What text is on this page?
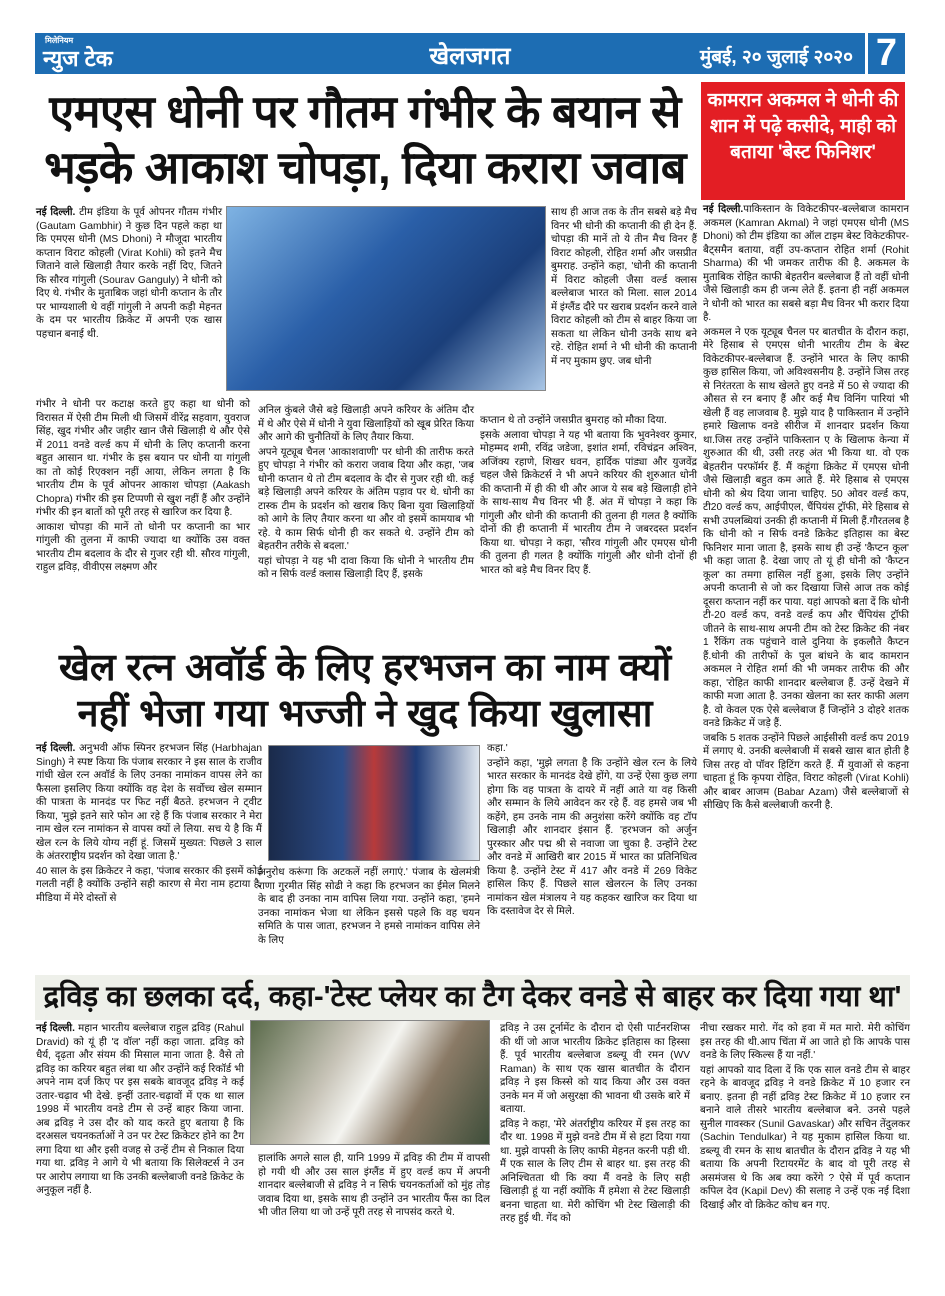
मिलेनियम
न्युज टेक	खेलजगत	मुंबई, २० जुलाई २०२० 7
एमएस धोनी पर गौतम गंभीर के बयान से
भड़के आकाश चोपड़ा, दिया करारा जवाब
कामरान अकमल ने धोनी की शान में पढ़े कसीदे, माही को बताया 'बेस्ट फिनिशर'

नई दिल्ली. टीम इंडिया के पूर्व ओपनर गौतम गंभीर (Gautam Gambhir) ने कुछ दिन पहले कहा था कि एमएस धोनी (MS Dhoni) ने मौजूदा भारतीय कप्तान विराट कोहली (Virat Kohli) को इतने मैच जिताने वाले खिलाड़ी तैयार करके नहीं दिए, जितने कि सौरव गांगुली (Sourav Ganguly) ने धोनी को दिए थे. गंभीर के मुताबिक जहां धोनी कप्तान के तौर पर भाग्यशाली थे वहीं गांगुली ने अपनी कड़ी मेहनत के दम पर भारतीय क्रिकेट में अपनी एक खास पहचान बनाई थी.

गंभीर ने धोनी पर कटाक्ष करते हुए कहा था धोनी को विरासत में ऐसी टीम मिली थी जिसमें वीरेंद्र सहवाग, युवराज सिंह, खुद गंभीर और जहीर खान जैसे खिलाड़ी थे और ऐसे में 2011 वनडे वर्ल्ड कप में धोनी के लिए कप्तानी करना बहुत आसान था. गंभीर के इस बयान पर धोनी या गांगुली का तो कोई रिएक्शन नहीं आया, लेकिन लगता है कि भारतीय टीम के पूर्व ओपनर आकाश चोपड़ा (Aakash Chopra) गंभीर की इस टिप्पणी से खुश नहीं हैं और उन्होंने गंभीर की इन बातों को पूरी तरह से खारिज कर दिया है.

आकाश चोपड़ा की मानें तो धोनी पर कप्तानी का भार गांगुली की तुलना में काफी ज्यादा था क्योंकि उस वक्त भारतीय टीम बदलाव के दौर से गुजर रही थी. सौरव गांगुली, राहुल द्रविड़, वीवीएस लक्ष्मण और

अनिल कुंबले जैसे बड़े खिलाड़ी अपने करियर के अंतिम दौर में थे और ऐसे में धोनी ने युवा खिलाड़ियों को खूब प्रेरित किया और आगे की चुनौतियों के लिए तैयार किया.

अपने यूट्यूब चैनल 'आकाशवाणी' पर धोनी की तारीफ करते हुए चोपड़ा ने गंभीर को करारा जवाब दिया और कहा, 'जब धोनी कप्तान थे तो टीम बदलाव के दौर से गुजर रही थी. कई बड़े खिलाड़ी अपने करियर के अंतिम पड़ाव पर थे. धोनी का टास्क टीम के प्रदर्शन को खराब किए बिना युवा खिलाड़ियों को आगे के लिए तैयार करना था और वो इसमें कामयाब भी रहे. ये काम सिर्फ धोनी ही कर सकते थे. उन्होंने टीम को बेहतरीन तरीके से बदला.'

यहां चोपड़ा ने यह भी दावा किया कि धोनी ने भारतीय टीम को न सिर्फ वर्ल्ड क्लास खिलाड़ी दिए हैं, इसके

साथ ही आज तक के तीन सबसे बड़े मैच विनर भी धोनी की कप्तानी की ही देन हैं. चोपड़ा की मानें तो ये तीन मैच विनर हैं विराट कोहली, रोहित शर्मा और जसप्रीत बुमराह. उन्होंने कहा, 'धोनी की कप्तानी में विराट कोहली जैसा वर्ल्ड क्लास बल्लेबाज भारत को मिला. साल 2014 में इंग्लैंड दौरे पर खराब प्रदर्शन करने वाले विराट कोहली को टीम से बाहर किया जा सकता था लेकिन धोनी उनके साथ बने रहे. रोहित शर्मा ने भी धोनी की कप्तानी में नए मुकाम छुए. जब धोनी

कप्तान थे तो उन्होंने जसप्रीत बुमराह को मौका दिया.

इसके अलावा चोपड़ा ने यह भी बताया कि भुवनेश्वर कुमार, मोहम्मद शमी, रविंद्र जडेजा, इशांत शर्मा, रविचंद्रन अश्विन, अजिंक्य रहाणे, शिखर धवन, हार्दिक पांड्या और युजवेंद्र चहल जैसे क्रिकेटर्स ने भी अपने करियर की शुरुआत धोनी की कप्तानी में ही की थी और आज ये सब बड़े खिलाड़ी होने के साथ-साथ मैच विनर भी हैं. अंत में चोपड़ा ने कहा कि गांगुली और धोनी की कप्तानी की तुलना ही गलत है क्योंकि दोनों की ही कप्तानी में भारतीय टीम ने जबरदस्त प्रदर्शन किया था. चोपड़ा ने कहा, 'सौरव गांगुली और एमएस धोनी की तुलना ही गलत है क्योंकि गांगुली और धोनी दोनों ही भारत को बड़े मैच विनर दिए हैं.

नई दिल्ली.पाकिस्तान के विकेटकीपर-बल्लेबाज कामरान अकमल (Kamran Akmal) ने जहां एमएस धोनी (MS Dhoni) को टीम इंडिया का ऑल टाइम बेस्ट विकेटकीपर-बैट्समैन बताया, वहीं उप-कप्तान रोहित शर्मा (Rohit Sharma) की भी जमकर तारीफ की है. अकमल के मुताबिक रोहित काफी बेहतरीन बल्लेबाज हैं तो वहीं धोनी जैसे खिलाड़ी कम ही जन्म लेते हैं. इतना ही नहीं अकमल ने धोनी को भारत का सबसे बड़ा मैच विनर भी करार दिया है.

अकमल ने एक यूट्यूब चैनल पर बातचीत के दौरान कहा, मेरे हिसाब से एमएस धोनी भारतीय टीम के बेस्ट विकेटकीपर-बल्लेबाज हैं. उन्होंने भारत के लिए काफी कुछ हासिल किया, जो अविश्वसनीय है. उन्होंने जिस तरह से निरंतरता के साथ खेलते हुए वनडे में 50 से ज्यादा की औसत से रन बनाए हैं और कई मैच विनिंग पारियां भी खेली हैं वह लाजवाब है. मुझे याद है पाकिस्तान में उन्होंने हमारे खिलाफ वनडे सीरीज में शानदार प्रदर्शन किया था.जिस तरह उन्होंने पाकिस्तान ए के खिलाफ केन्या में शुरुआत की थी, उसी तरह अंत भी किया था. वो एक बेहतरीन परफॉर्मर हैं. मैं कहूंगा क्रिकेट में एमएस धोनी जैसे खिलाड़ी बहुत कम आते हैं. मेरे हिसाब से एमएस धोनी को श्रेय दिया जाना चाहिए. 50 ओवर वर्ल्ड कप, टी20 वर्ल्ड कप, आईपीएल, चैंपियंस ट्रॉफी, मेरे हिसाब से सभी उपलब्धियां उनकी ही कप्तानी में मिली हैं.गौरतलब है कि धोनी को न सिर्फ वनडे क्रिकेट इतिहास का बेस्ट फिनिशर माना जाता है, इसके साथ ही उन्हें 'कैप्टन कूल' भी कहा जाता है. देखा जाए तो यूं ही धोनी को 'कैप्टन कूल' का तमगा हासिल नहीं हुआ, इसके लिए उन्होंने अपनी कप्तानी से जो कर दिखाया जिसे आज तक कोई दूसरा कप्तान नहीं कर पाया. यहां आपको बता दें कि धोनी टी-20 वर्ल्ड कप, वनडे वर्ल्ड कप और चैंपियंस ट्रॉफी जीतने के साथ-साथ अपनी टीम को टेस्ट क्रिकेट की नंबर 1 रैंकिंग तक पहुंचाने वाले दुनिया के इकलौते कैप्टन हैं.धोनी की तारीफों के पुल बांधने के बाद कामरान अकमल ने रोहित शर्मा की भी जमकर तारीफ की और कहा, 'रोहित काफी शानदार बल्लेबाज हैं. उन्हें देखने में काफी मजा आता है. उनका खेलना का स्तर काफी अलग है. वो केवल एक ऐसे बल्लेबाज हैं जिन्होंने 3 दोहरे शतक वनडे क्रिकेट में जड़े हैं.

जबकि 5 शतक उन्होंने पिछले आईसीसी वर्ल्ड कप 2019 में लगाए थे. उनकी बल्लेबाजी में सबसे खास बात होती है जिस तरह वो पॉवर हिटिंग करते हैं. मैं युवाओं से कहना चाहता हूं कि कृपया रोहित, विराट कोहली (Virat Kohli) और बाबर आजम (Babar Azam) जैसे बल्लेबाजों से सीखिए कि कैसे बल्लेबाजी करनी है.

खेल रत्न अवॉर्ड के लिए हरभजन का नाम क्यों
नहीं भेजा गया भज्जी ने खुद किया खुलासा

नई दिल्ली. अनुभवी ऑफ स्पिनर हरभजन सिंह (Harbhajan Singh) ने स्पष्ट किया कि पंजाब सरकार ने इस साल के राजीव गांधी खेल रत्न अवॉर्ड के लिए उनका नामांकन वापस लेने का फैसला इसलिए किया क्योंकि वह देश के सर्वोच्च खेल सम्मान की पात्रता के मानदंड पर फिट नहीं बैठते. हरभजन ने ट्वीट किया, 'मुझे इतने सारे फोन आ रहे हैं कि पंजाब सरकार ने मेरा नाम खेल रत्न नामांकन से वापस क्यों ले लिया. सच ये है कि मैं खेल रत्न के लिये योग्य नहीं हूं. जिसमें मुख्यत: पिछले 3 साल के अंतरराष्ट्रीय प्रदर्शन को देखा जाता है.'

40 साल के इस क्रिकेटर ने कहा, 'पंजाब सरकार की इसमें कोई गलती नहीं है क्योंकि उन्होंने सही कारण से मेरा नाम हटाया है. मीडिया में मेरे दोस्तों से

अनुरोध करूंगा कि अटकलें नहीं लगाएं.' पंजाब के खेलमंत्री राणा गुरमीत सिंह सोढी ने कहा कि हरभजन का ईमेल मिलने के बाद ही उनका नाम वापिस लिया गया. उन्होंने कहा, 'हमने उनका नामांकन भेजा था लेकिन इससे पहले कि वह चयन समिति के पास जाता, हरभजन ने हमसे नामांकन वापिस लेने के लिए

कहा.'

उन्होंने कहा, 'मुझे लगता है कि उन्होंने खेल रत्न के लिये भारत सरकार के मानदंड देखे होंगे, या उन्हें ऐसा कुछ लगा होगा कि वह पात्रता के दायरे में नहीं आते या वह किसी और सम्मान के लिये आवेदन कर रहे हैं. वह हमसे जब भी कहेंगे, हम उनके नाम की अनुशंसा करेंगे क्योंकि वह टॉप खिलाड़ी और शानदार इंसान हैं. 'हरभजन को अर्जुन पुरस्कार और पद्म श्री से नवाजा जा चुका है. उन्होंने टेस्ट और वनडे में आखिरी बार 2015 में भारत का प्रतिनिधित्व किया है. उन्होंने टेस्ट में 417 और वनडे में 269 विकेट हासिल किए हैं. पिछले साल खेलरत्न के लिए उनका नामांकन खेल मंत्रालय ने यह कहकर खारिज कर दिया था कि दस्तावेज देर से मिले.

द्रविड़ का छलका दर्द, कहा-'टेस्ट प्लेयर का टैग देकर वनडे से बाहर कर दिया गया था'

नई दिल्ली. महान भारतीय बल्लेबाज राहुल द्रविड़ (Rahul Dravid) को यूं ही 'द वॉल' नहीं कहा जाता. द्रविड़ को धैर्य, दृढ़ता और संयम की मिसाल माना जाता है. वैसे तो द्रविड़ का करियर बहुत लंबा था और उन्होंने कई रिकॉर्ड भी अपने नाम दर्ज किए पर इस सबके बावजूद द्रविड़ ने कई उतार-चढ़ाव भी देखे. इन्हीं उतार-चढ़ावों में एक था साल 1998 में भारतीय वनडे टीम से उन्हें बाहर किया जाना. अब द्रविड़ ने उस दौर को याद करते हुए बताया है कि दरअसल चयनकर्ताओं ने उन पर टेस्ट क्रिकेटर होने का टैग लगा दिया था और इसी वजह से उन्हें टीम से निकाल दिया गया था. द्रविड़ ने आगे ये भी बताया कि सिलेक्टर्स ने उन पर आरोप लगाया था कि उनकी बल्लेबाजी वनडे क्रिकेट के अनुकूल नहीं है.

हालांकि अगले साल ही, यानि 1999 में द्रविड़ की टीम में वापसी हो गयी थी और उस साल इंग्लैंड में हुए वर्ल्ड कप में अपनी शानदार बल्लेबाजी से द्रविड़ ने न सिर्फ चयनकर्ताओं को मुंह तोड़ जवाब दिया था, इसके साथ ही उन्होंने उन भारतीय फैंस का दिल भी जीत लिया था जो उन्हें पूरी तरह से नापसंद करते थे.

द्रविड़ ने उस टूर्नामेंट के दौरान दो ऐसी पार्टनरशिप्स की थीं जो आज भारतीय क्रिकेट इतिहास का हिस्सा हैं. पूर्व भारतीय बल्लेबाज डब्ल्यू वी रमन (WV Raman) के साथ एक खास बातचीत के दौरान द्रविड़ ने इस किस्से को याद किया और उस वक्त उनके मन में जो असुरक्षा की भावना थी उसके बारे में बताया.

द्रविड़ ने कहा, 'मेरे अंतर्राष्ट्रीय करियर में इस तरह का दौर था. 1998 में मुझे वनडे टीम में से हटा दिया गया था. मुझे वापसी के लिए काफी मेहनत करनी पड़ी थी. मैं एक साल के लिए टीम से बाहर था. इस तरह की अनिश्चितता थी कि क्या मैं वनडे के लिए सही खिलाड़ी हूं या नहीं क्योंकि मैं हमेशा से टेस्ट खिलाड़ी बनना चाहता था. मेरी कोचिंग भी टेस्ट खिलाड़ी की तरह हुई थी. गेंद को

नीचा रखकर मारो. गेंद को हवा में मत मारो. मेरी कोचिंग इस तरह की थी.आप चिंता में आ जाते हो कि आपके पास वनडे के लिए स्किल्स हैं या नहीं.'

यहां आपको याद दिला दें कि एक साल वनडे टीम से बाहर रहने के बावजूद द्रविड़ ने वनडे क्रिकेट में 10 हजार रन बनाए. इतना ही नहीं द्रविड़ टेस्ट क्रिकेट में 10 हजार रन बनाने वाले तीसरे भारतीय बल्लेबाज बने. उनसे पहले सुनील गावस्कर (Sunil Gavaskar) और सचिन तेंदुलकर (Sachin Tendulkar) ने यह मुकाम हासिल किया था. डब्ल्यू वी रमन के साथ बातचीत के दौरान द्रविड़ ने यह भी बताया कि अपनी रिटायरमेंट के बाद वो पूरी तरह से असमंजस थे कि अब क्या करेंगे ? ऐसे में पूर्व कप्तान कपिल देव (Kapil Dev) की सलाह ने उन्हें एक नई दिशा दिखाई और वो क्रिकेट कोच बन गए.
